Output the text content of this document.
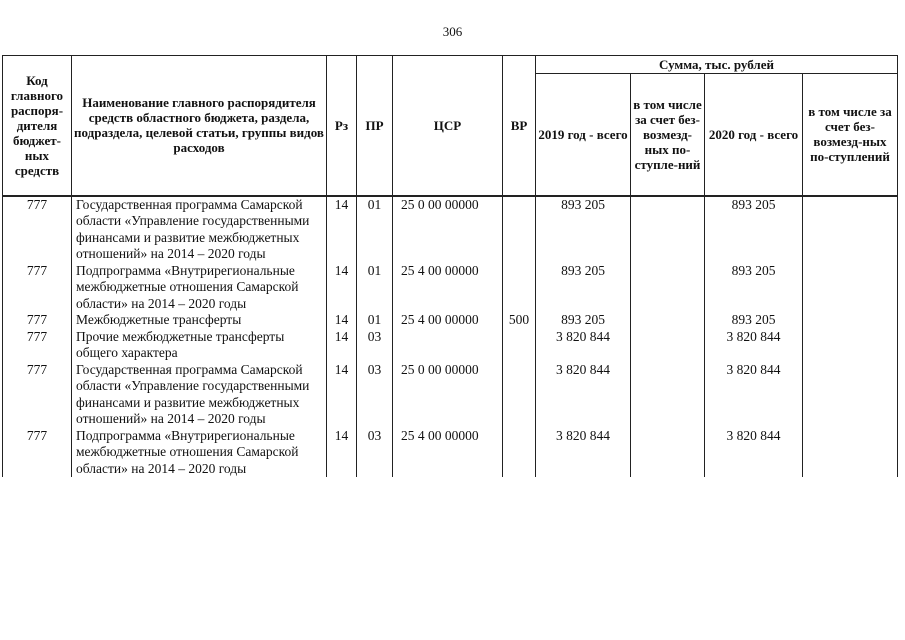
306
Код главного распоря-дителя бюджет-ных средств	Наименование главного распорядителя средств областного бюджета, раздела, подраздела, целевой статьи, группы видов расходов	Рз	ПР	ЦСР	ВР	Сумма, тыс. рублей			
						2019 год - всего	в том числе за счет без-возмезд-ных по-ступле-ний	2020 год - всего	в том числе за счет без-возмезд-ных по-ступлений
777	Государственная программа Самарской области «Управление государственными финансами и развитие межбюджетных отношений» на 2014 – 2020 годы	14	01	25 0 00 00000		893 205		893 205	
777	Подпрограмма «Внутрирегиональные межбюджетные отношения Самарской области» на 2014 – 2020 годы	14	01	25 4 00 00000		893 205		893 205	
777	Межбюджетные трансферты	14	01	25 4 00 00000	500	893 205		893 205	
777	Прочие межбюджетные трансферты общего характера	14	03			3 820 844		3 820 844	
777	Государственная программа Самарской области «Управление государственными финансами и развитие межбюджетных отношений» на 2014 – 2020 годы	14	03	25 0 00 00000		3 820 844		3 820 844	
777	Подпрограмма «Внутрирегиональные межбюджетные отношения Самарской области» на 2014 – 2020 годы	14	03	25 4 00 00000		3 820 844		3 820 844	
